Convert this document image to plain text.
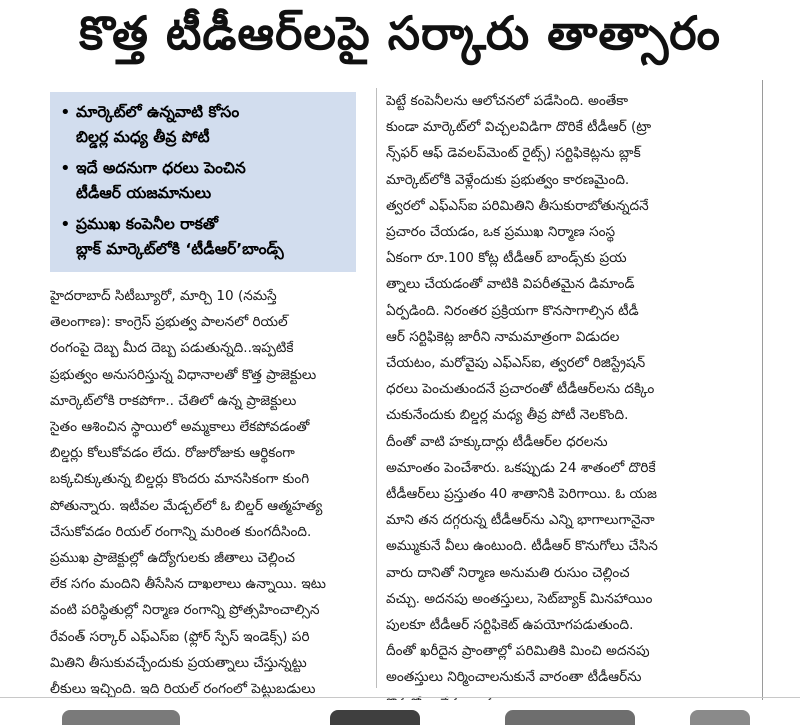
కొత్త టీడీఆర్‌లపై సర్కారు తాత్సారం
• మార్కెట్‌లో ఉన్నవాటి కోసం
బిల్డర్ల మధ్య తీవ్ర పోటీ
• ఇదే అదనుగా ధరలు పెంచిన
టీడీఆర్‌ యజమానులు
• ప్రముఖ కంపెనీల రాకతో
బ్లాక్‌ మార్కెట్‌లోకి ‘టీడీఆర్‌’బాండ్స్‌
హైదరాబాద్‌ సిటీబ్యూరో, మార్చి 10 (నమస్తే
తెలంగాణ): కాంగ్రెస్‌ ప్రభుత్వ పాలనలో రియల్‌
రంగంపై దెబ్బ మీద దెబ్బ పడుతున్నది..ఇప్పటికే
ప్రభుత్వం అనుసరిస్తున్న విధానాలతో కొత్త ప్రాజెక్టులు
మార్కెట్‌లోకి రాకపోగా.. చేతిలో ఉన్న ప్రాజెక్టులు
సైతం ఆశించిన స్థాయిలో అమ్మకాలు లేకపోవడంతో
బిల్డర్లు కోలుకోవడం లేదు. రోజురోజుకు ఆర్థికంగా
బక్కచిక్కుతున్న బిల్డర్లు కొందరు మానసికంగా కుంగి
పోతున్నారు. ఇటీవల మేడ్చల్‌లో ఓ బిల్డర్‌ ఆత్మహత్య
చేసుకోవడం రియల్‌ రంగాన్ని మరింత కుంగదీసింది.
ప్రముఖ ప్రాజెక్టుల్లో ఉద్యోగులకు జీతాలు చెల్లించ
లేక సగం మందిని తీసేసిన దాఖలాలు ఉన్నాయి. ఇటు
వంటి పరిస్థితుల్లో నిర్మాణ రంగాన్ని ప్రోత్సహించాల్సిన
రేవంత్‌ సర్కార్‌ ఎఫ్‌ఎస్‌ఐ (ఫ్లోర్‌ స్పేస్‌ ఇండెక్స్‌) పరి
మితిని తీసుకువచ్చేందుకు ప్రయత్నాలు చేస్తున్నట్టు
లీకులు ఇచ్చింది. ఇది రియల్‌ రంగంలో పెట్టుబడులు
పెట్టే కంపెనీలను ఆలోచనలో పడేసింది. అంతేకా
కుండా మార్కెట్‌లో విచ్చలవిడిగా దొరికే టీడీఆర్‌ (ట్రా
న్స్‌ఫర్‌ ఆఫ్‌ డెవలప్‌మెంట్‌ రైట్స్‌) సర్టిఫికెట్లను బ్లాక్‌
మార్కెట్‌లోకి వెళ్లేందుకు ప్రభుత్వం కారణమైంది.
త్వరలో ఎఫ్‌ఎస్‌ఐ పరిమితిని తీసుకురాబోతున్నదనే
ప్రచారం చేయడం, ఒక ప్రముఖ నిర్మాణ సంస్థ
ఏకంగా రూ.100 కోట్ల టీడీఆర్‌ బాండ్స్‌కు ప్రయ
త్నాలు చేయడంతో వాటికి విపరీతమైన డిమాండ్‌
ఏర్పడింది. నిరంతర ప్రక్రియగా కొనసాగాల్సిన టీడీ
ఆర్‌ సర్టిఫికెట్ల జారీని నామమాత్రంగా విడుదల
చేయటం, మరోవైపు ఎఫ్‌ఎస్‌ఐ, త్వరలో రిజిస్ట్రేషన్‌
ధరలు పెంచుతుందనే ప్రచారంతో టీడీఆర్‌లను దక్కిం
చుకునేందుకు బిల్డర్ల మధ్య తీవ్ర పోటీ నెలకొంది.
దీంతో వాటి హక్కుదార్లు టీడీఆర్‌ల ధరలను
అమాంతం పెంచేశారు. ఒకప్పుడు 24 శాతంలో దొరికే
టీడీఆర్‌లు ప్రస్తుతం 40 శాతానికి పెరిగాయి. ఓ యజ
మాని తన దగ్గరున్న టీడీఆర్‌ను ఎన్ని భాగాలుగానైనా
అమ్ముకునే వీలు ఉంటుంది. టీడీఆర్‌ కొనుగోలు చేసిన
వారు దానితో నిర్మాణ అనుమతి రుసుం చెల్లించ
వచ్చు. అదనపు అంతస్తులు, సెట్‌బ్యాక్‌ మినహాయిం
పులకూ టీడీఆర్‌ సర్టిఫికెట్‌ ఉపయోగపడుతుంది.
దీంతో ఖరీదైన ప్రాంతాల్లో పరిమితికి మించి అదనపు
అంతస్తులు నిర్మించాలనుకునే వారంతా టీడీఆర్‌ను
